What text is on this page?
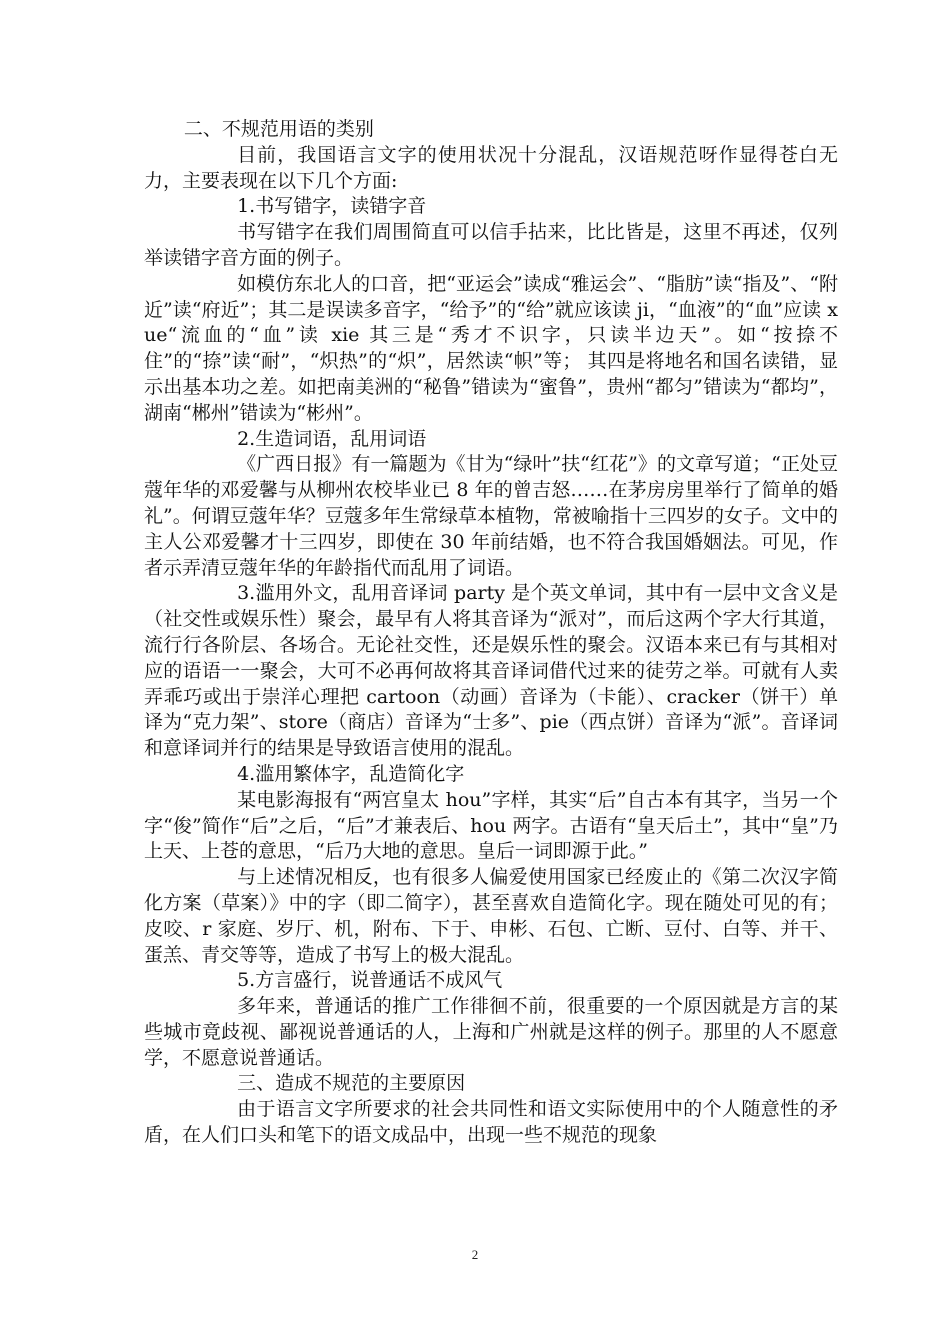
二、不规范用语的类别

目前，我国语言文字的使用状况十分混乱，汉语规范呀作显得苍白无力，主要表现在以下几个方面:

1.书写错字，读错字音

书写错字在我们周围简直可以信手拈来，比比皆是，这里不再述，仅列举读错字音方面的例子。

如模仿东北人的口音，把“亚运会”读成“雅运会”、“脂肪”读“指及”、“附近”读“府近”；其二是误读多音字，“给予”的“给”就应该读 ji，“血液”的“血”应读 xue“流血的“血”读 xie 其三是“秀才不识字，只读半边天”。如“按捺不住”的“捺”读“耐”，“炽热”的“炽”，居然读“帜”等； 其四是将地名和国名读错，显示出基本功之差。如把南美洲的“秘鲁”错读为“蜜鲁”，贵州“都匀”错读为“都均”，湖南“郴州”错读为“彬州”。

2.生造词语，乱用词语

《广西日报》有一篇题为《甘为“绿叶”扶“红花”》的文章写道；“正处豆蔻年华的邓爱馨与从柳州农校毕业已 8 年的曾吉怒……在茅房房里举行了简单的婚礼”。何谓豆蔻年华？豆蔻多年生常绿草本植物，常被喻指十三四岁的女子。文中的主人公邓爱馨才十三四岁，即使在 30 年前结婚，也不符合我国婚姻法。可见，作者示弄清豆蔻年华的年龄指代而乱用了词语。

3.滥用外文，乱用音译词 party 是个英文单词，其中有一层中文含义是（社交性或娱乐性）聚会，最早有人将其音译为“派对”，而后这两个字大行其道，流行行各阶层、各场合。无论社交性，还是娱乐性的聚会。汉语本来已有与其相对应的语语一一聚会，大可不必再何故将其音译词借代过来的徒劳之举。可就有人卖弄乖巧或出于崇洋心理把 cartoon（动画）音译为（卡能）、cracker（饼干）单译为“克力架”、store（商店）音译为“士多”、pie（西点饼）音译为“派”。音译词和意译词并行的结果是导致语言使用的混乱。

4.滥用繁体字，乱造简化字

某电影海报有“两宫皇太 hou”字样，其实“后”自古本有其字，当另一个字“俊”简作“后”之后，“后”才兼表后、hou 两字。古语有“皇天后土”，其中“皇”乃上天、上苍的意思，“后乃大地的意思。皇后一词即源于此。”

与上述情况相反，也有很多人偏爱使用国家已经废止的《第二次汉字简化方案（草案）》中的字（即二简字），甚至喜欢自造简化字。现在随处可见的有；皮咬、r 家庭、岁厅、机，附布、下于、申彬、石包、亡断、豆付、白等、并干、蛋羔、青交等等，造成了书写上的极大混乱。

5.方言盛行，说普通话不成风气

多年来，普通话的推广工作徘徊不前，很重要的一个原因就是方言的某些城市竟歧视、鄙视说普通话的人，上海和广州就是这样的例子。那里的人不愿意学，不愿意说普通话。

三、造成不规范的主要原因

由于语言文字所要求的社会共同性和语文实际使用中的个人随意性的矛盾，在人们口头和笔下的语文成品中，出现一些不规范的现象

2
